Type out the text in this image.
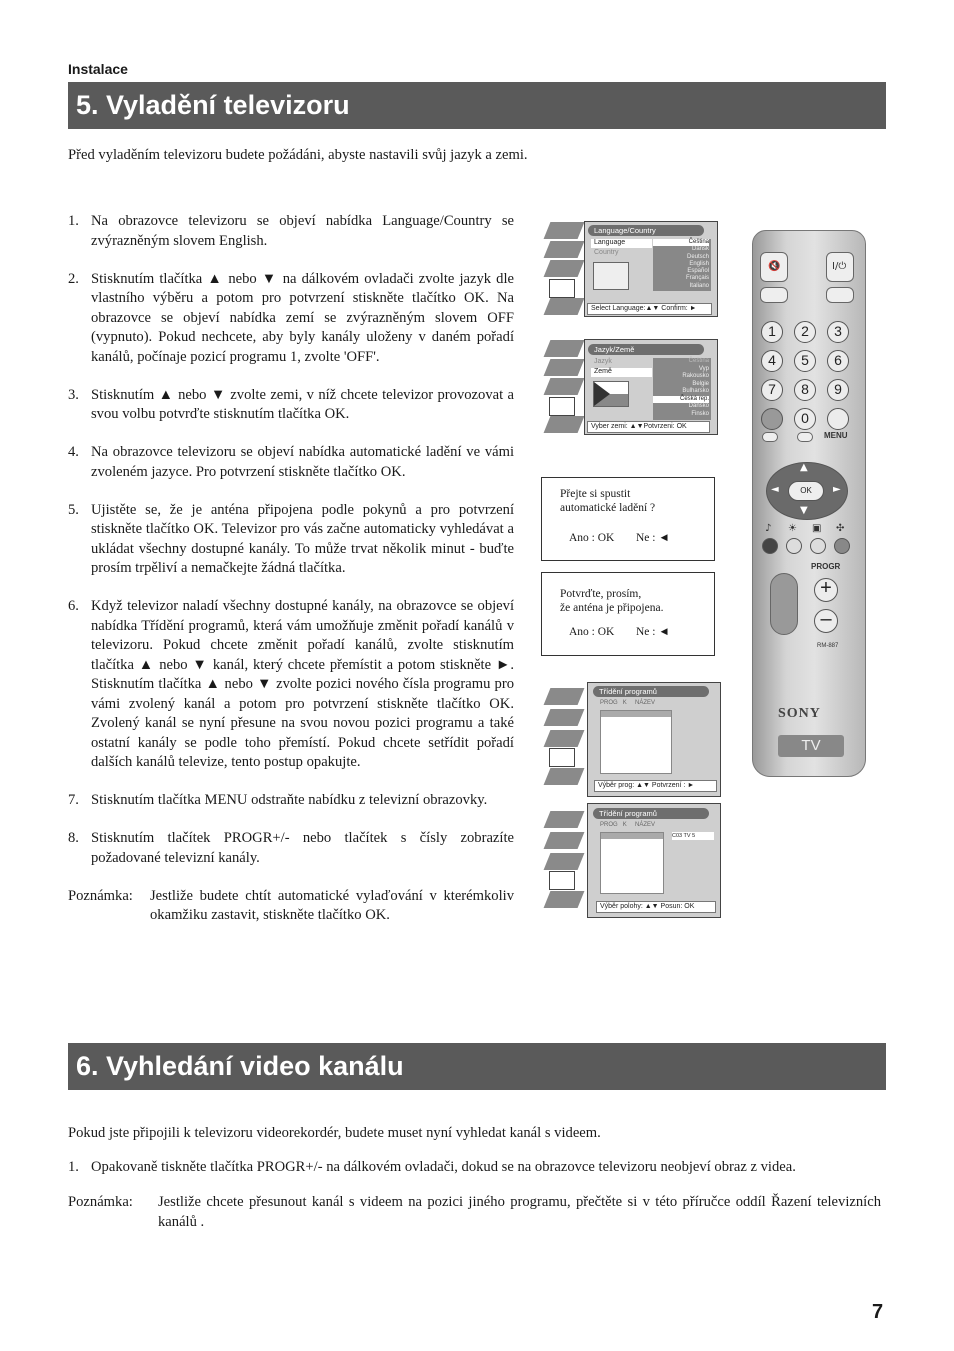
Instalace
5. Vyladění televizoru
Před vyladěním televizoru budete požádáni, abyste nastavili svůj jazyk a zemi.
1. Na obrazovce televizoru se objeví nabídka Language/Country se zvýrazněným slovem English.
2. Stisknutím tlačítka ▲ nebo ▼ na dálkovém ovladači zvolte jazyk dle vlastního výběru a potom pro potvrzení stiskněte tlačítko OK. Na obrazovce se objeví nabídka zemí se zvýrazněným slovem OFF (vypnuto). Pokud nechcete, aby byly kanály uloženy v daném pořadí kanálů, počínaje pozicí programu 1, zvolte 'OFF'.
3. Stisknutím ▲ nebo ▼ zvolte zemi, v níž chcete televizor provozovat a svou volbu potvrďte stisknutím tlačítka OK.
4. Na obrazovce televizoru se objeví nabídka automatické ladění ve vámi zvoleném jazyce. Pro potvrzení stiskněte tlačítko OK.
5. Ujistěte se, že je anténa připojena podle pokynů a pro potvrzení stiskněte tlačítko OK. Televizor pro vás začne automaticky vyhledávat a ukládat všechny dostupné kanály. To může trvat několik minut - buďte prosím trpěliví a nemačkejte žádná tlačítka.
6. Když televizor naladí všechny dostupné kanály, na obrazovce se objeví nabídka Třídění programů, která vám umožňuje změnit pořadí kanálů v televizoru. Pokud chcete změnit pořadí kanálů, zvolte stisknutím tlačítka ▲ nebo ▼ kanál, který chcete přemístit a potom stiskněte ►. Stisknutím tlačítka ▲ nebo ▼ zvolte pozici nového čísla programu pro vámi zvolený kanál a potom pro potvrzení stiskněte tlačítko OK. Zvolený kanál se nyní přesune na svou novou pozici programu a také ostatní kanály se podle toho přemístí. Pokud chcete setřídit pořadí dalších kanálů televize, tento postup opakujte.
7. Stisknutím tlačítka MENU odstraňte nabídku z televizní obrazovky.
8. Stisknutím tlačítek PROGR+/- nebo tlačítek s čísly zobrazíte požadované televizní kanály.
Poznámka:	Jestliže budete chtít automatické vylaďování v kterémkoliv okamžiku zastavit, stiskněte tlačítko OK.
Language/Country
Language
Country
Čeština
Dansk
Deutsch
English
Español
Français
Italiano
Select Language:▲▼ Confirm: ►
Jazyk/Země
Jazyk
Země
Čeština
Vyp
Rakousko
Belgie
Bulharsko
Česká rep.
Dánsko
Finsko
Vyber zemi: ▲▼Potvrzeni: OK
Přejte si spustit
automatické ladění ?
Ano : OK Ne : ◄
Potvrďte, prosím,
že anténa je připojena.
Ano : OK Ne : ◄
Třídění programů
PROG K NÁZEV
Výběr prog: ▲▼ Potvrzení : ►
Třídění programů
PROG K NÁZEV
C03 TV 5
Výběr polohy: ▲▼ Posun: OK
🔇	I/⏻
1	2	3
4	5	6
7	8	9
0
MENU
OK
▲
▼
◄	►
♪ ☀ ▣ ✣
PROGR
+
–
RM-887
SONY
TV
6. Vyhledání video kanálu
Pokud jste připojili k televizoru videorekordér, budete muset nyní vyhledat kanál s videem.
1. Opakovaně tiskněte tlačítka PROGR+/- na dálkovém ovladači, dokud se na obrazovce televizoru neobjeví obraz z videa.
Poznámka:	Jestliže chcete přesunout kanál s videem na pozici jiného programu, přečtěte si v této příručce oddíl Řazení televizních kanálů .
7
